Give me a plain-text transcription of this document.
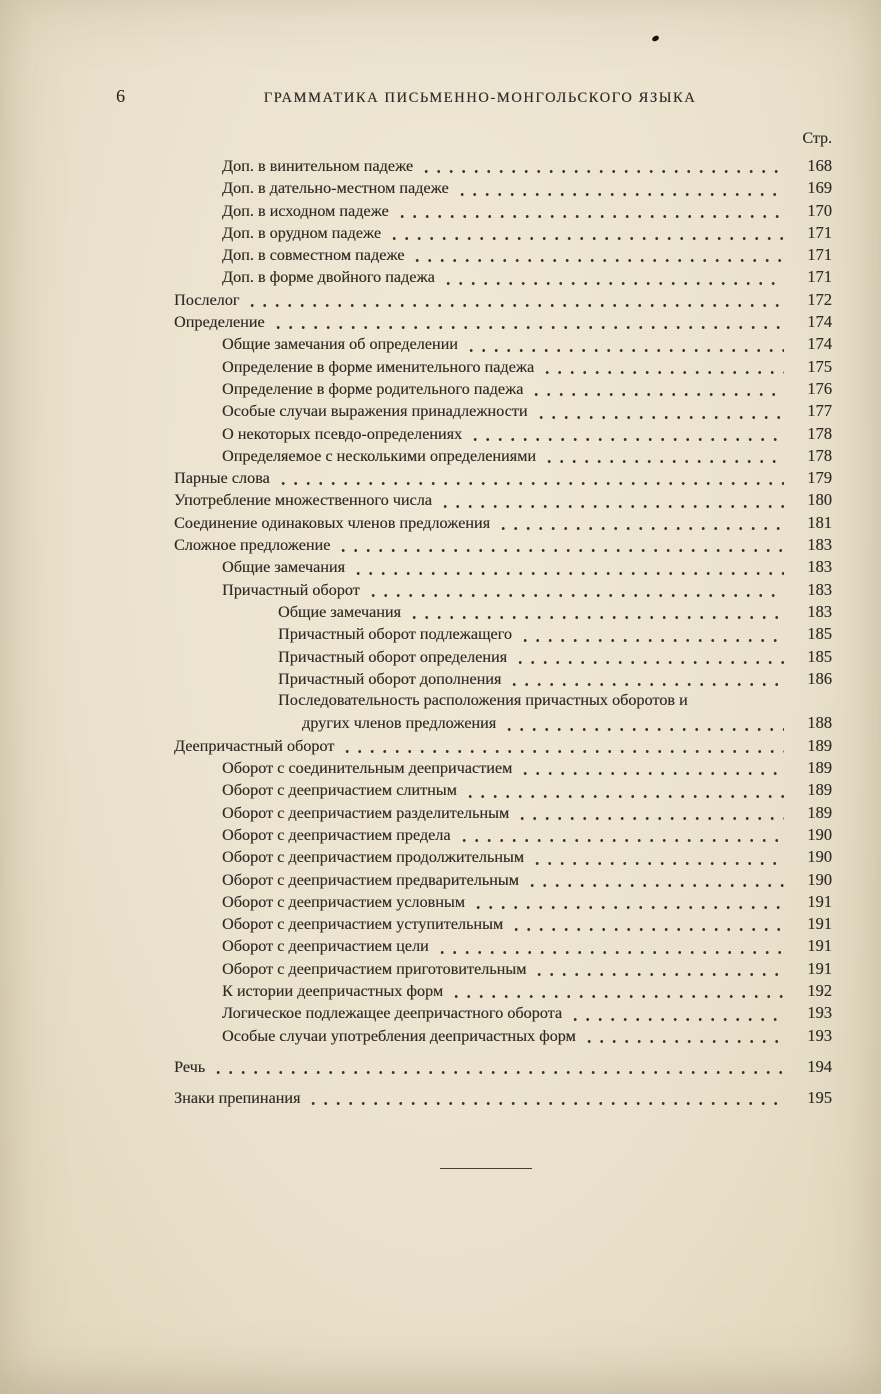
6	ГРАММАТИКА ПИСЬМЕННО-МОНГОЛЬСКОГО ЯЗЫКА
Стр.
Доп. в винительном падеже	168
Доп. в дательно-местном падеже	169
Доп. в исходном падеже	170
Доп. в орудном падеже	171
Доп. в совместном падеже	171
Доп. в форме двойного падежа	171
Послелог	172
Определение	174
Общие замечания об определении	174
Определение в форме именительного падежа	175
Определение в форме родительного падежа	176
Особые случаи выражения принадлежности	177
О некоторых псевдо-определениях	178
Определяемое с несколькими определениями	178
Парные слова	179
Употребление множественного числа	180
Соединение одинаковых членов предложения	181
Сложное предложение	183
Общие замечания	183
Причастный оборот	183
Общие замечания	183
Причастный оборот подлежащего	185
Причастный оборот определения	185
Причастный оборот дополнения	186
Последовательность расположения причастных оборотов и
других членов предложения	188
Деепричастный оборот	189
Оборот с соединительным деепричастием	189
Оборот с деепричастием слитным	189
Оборот с деепричастием разделительным	189
Оборот с деепричастием предела	190
Оборот с деепричастием продолжительным	190
Оборот с деепричастием предварительным	190
Оборот с деепричастием условным	191
Оборот с деепричастием уступительным	191
Оборот с деепричастием цели	191
Оборот с деепричастием приготовительным	191
К истории деепричастных форм	192
Логическое подлежащее деепричастного оборота	193
Особые случаи употребления деепричастных форм	193
Речь	194
Знаки препинания	195
